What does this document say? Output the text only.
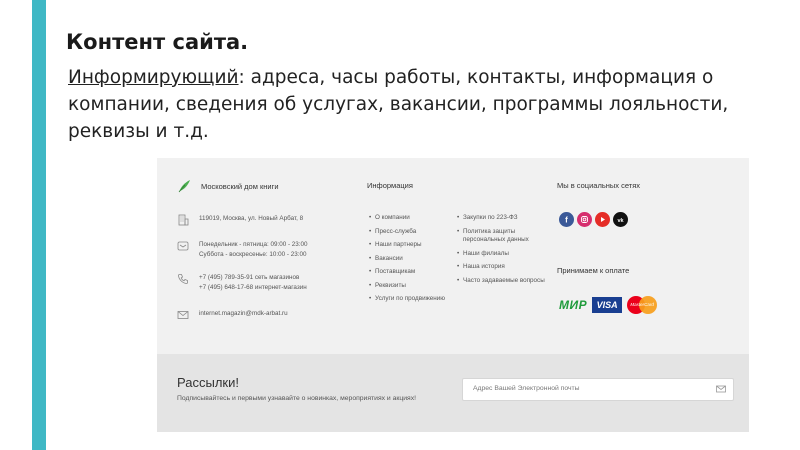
Контент сайта.
Информирующий: адреса, часы работы, контакты, информация о компании, сведения об услугах, вакансии, программы лояльности, реквизы и т.д.
Московский дом книги
119019, Москва, ул. Новый Арбат, 8
Понедельник - пятница: 09:00 - 23:00
Суббота - воскресенье: 10:00 - 23:00
+7 (495) 789-35-91 сеть магазинов
+7 (495) 648-17-68 интернет-магазин
internet.magazin@mdk-arbat.ru
Информация
• О компании
• Пресс-служба
• Наши партнеры
• Вакансии
• Поставщикам
• Реквизиты
• Услуги по продвижению
• Закупки по 223-ФЗ
• Политика защиты персональных данных
• Наши филиалы
• Наша история
• Часто задаваемые вопросы
Мы в социальных сетях
f	vk
Принимаем к оплате
МИР	VISA	MasterCard
Рассылки!
Подписывайтесь и первыми узнавайте о новинках, мероприятиях и акциях!
Адрес Вашей Электронной почты
